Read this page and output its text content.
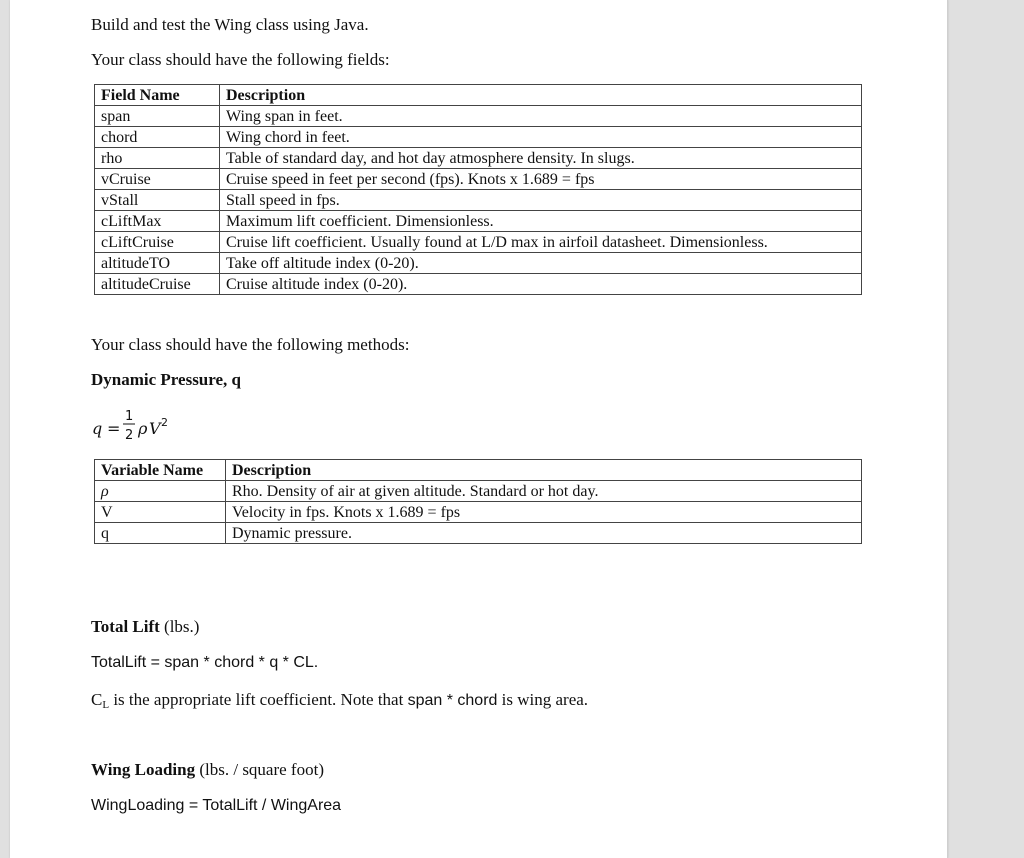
Build and test the Wing class using Java.
Your class should have the following fields:
Field Name	Description
span	Wing span in feet.
chord	Wing chord in feet.
rho	Table of standard day, and hot day atmosphere density. In slugs.
vCruise	Cruise speed in feet per second (fps). Knots x 1.689 = fps
vStall	Stall speed in fps.
cLiftMax	Maximum lift coefficient. Dimensionless.
cLiftCruise	Cruise lift coefficient. Usually found at L/D max in airfoil datasheet. Dimensionless.
altitudeTO	Take off altitude index (0-20).
altitudeCruise	Cruise altitude index (0-20).
Your class should have the following methods:
Dynamic Pressure, q
q =
1
2 ρ V 2
Variable Name	Description
ρ	Rho. Density of air at given altitude. Standard or hot day.
V	Velocity in fps. Knots x 1.689 = fps
q	Dynamic pressure.
Total Lift (lbs.)
TotalLift = span * chord * q * CL.
CL is the appropriate lift coefficient. Note that span * chord is wing area.
Wing Loading (lbs. / square foot)
WingLoading = TotalLift / WingArea
